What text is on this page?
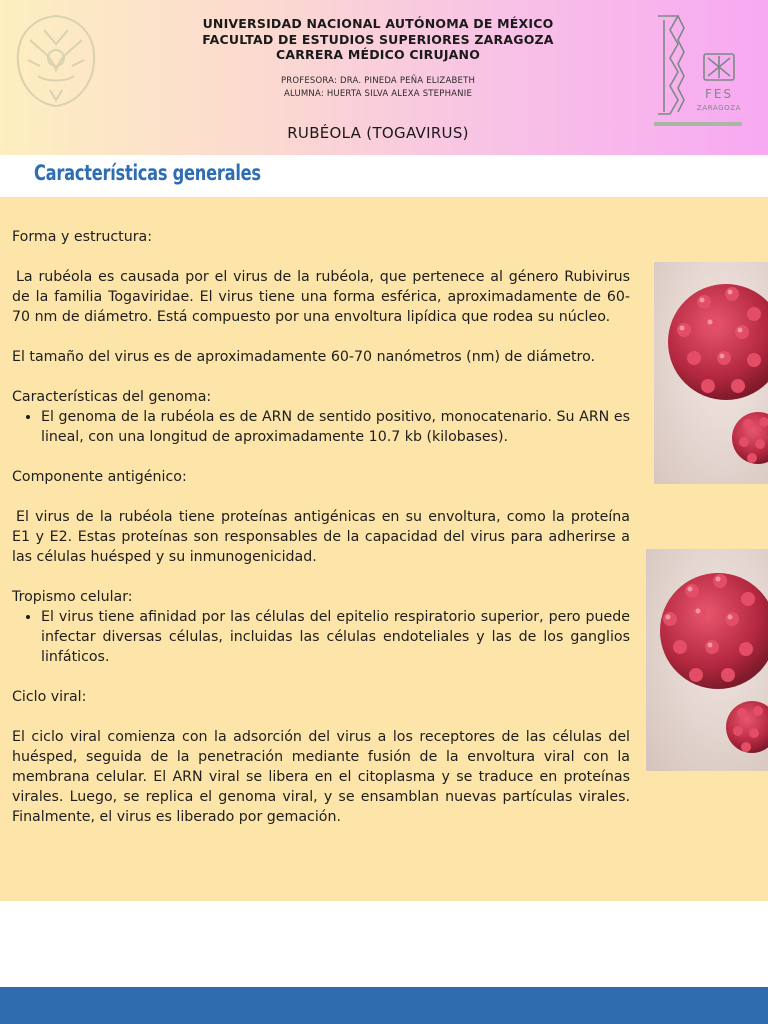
UNIVERSIDAD NACIONAL AUTÓNOMA DE MÉXICO
FACULTAD DE ESTUDIOS SUPERIORES ZARAGOZA
CARRERA MÉDICO CIRUJANO
PROFESORA: DRA. PINEDA PEÑA ELIZABETH
ALUMNA: HUERTA SILVA ALEXA STEPHANIE
RUBÉOLA (TOGAVIRUS)
FES
ZARAGOZA
Características generales

Forma y estructura:

La rubéola es causada por el virus de la rubéola, que pertenece al género Rubivirus de la familia Togaviridae. El virus tiene una forma esférica, aproximadamente de 60-70 nm de diámetro. Está compuesto por una envoltura lipídica que rodea su núcleo.

El tamaño del virus es de aproximadamente 60-70 nanómetros (nm) de diámetro.

Características del genoma:

• El genoma de la rubéola es de ARN de sentido positivo, monocatenario. Su ARN es lineal, con una longitud de aproximadamente 10.7 kb (kilobases).

Componente antigénico:

El virus de la rubéola tiene proteínas antigénicas en su envoltura, como la proteína E1 y E2. Estas proteínas son responsables de la capacidad del virus para adherirse a las células huésped y su inmunogenicidad.

Tropismo celular:

• El virus tiene afinidad por las células del epitelio respiratorio superior, pero puede infectar diversas células, incluidas las células endoteliales y las de los ganglios linfáticos.

Ciclo viral:

El ciclo viral comienza con la adsorción del virus a los receptores de las células del huésped, seguida de la penetración mediante fusión de la envoltura viral con la membrana celular. El ARN viral se libera en el citoplasma y se traduce en proteínas virales. Luego, se replica el genoma viral, y se ensamblan nuevas partículas virales. Finalmente, el virus es liberado por gemación.
